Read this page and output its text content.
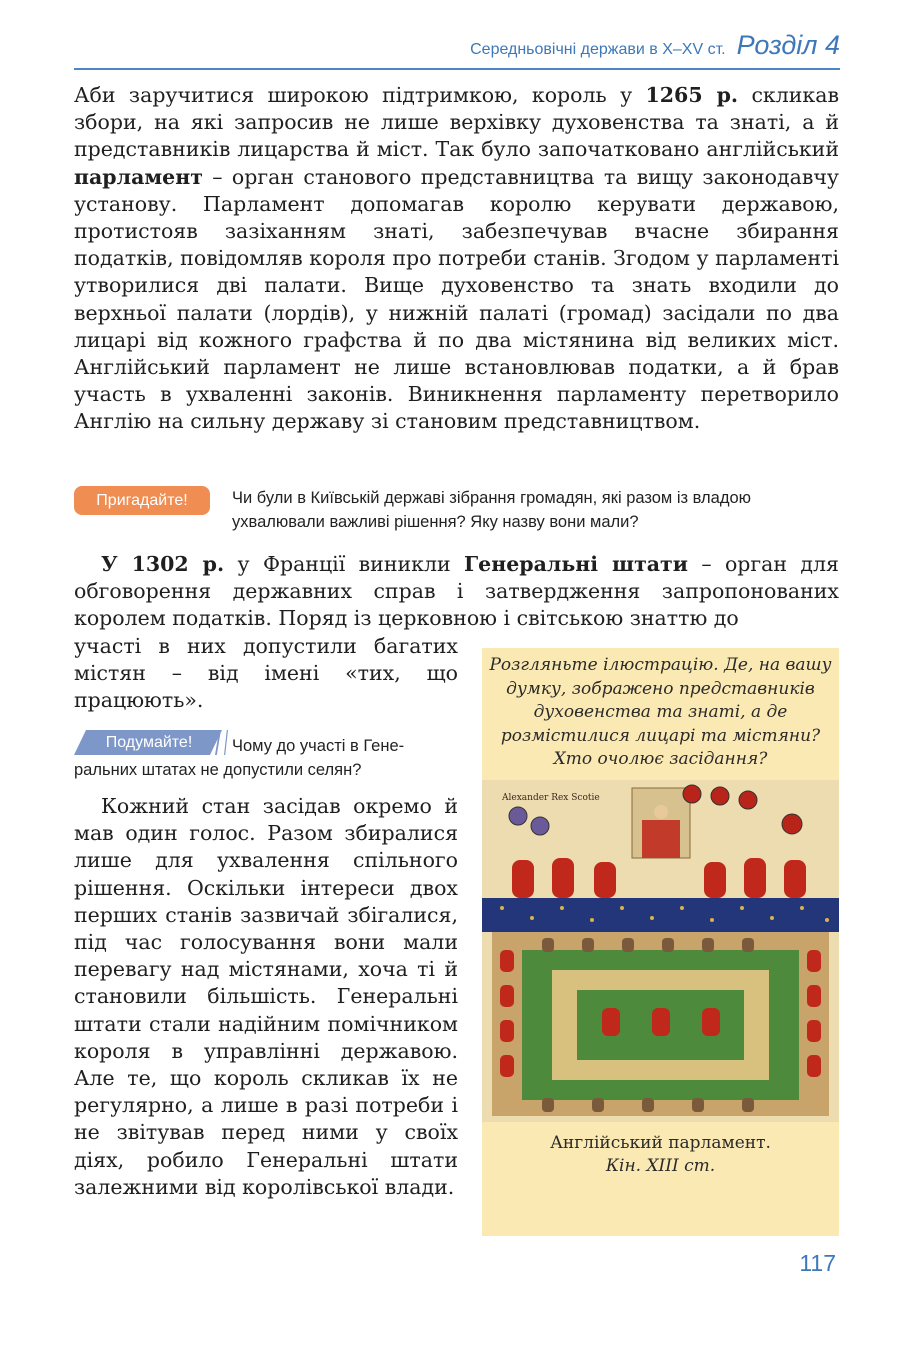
Середньовічні держави в Х–ХV ст. Розділ 4

Аби заручитися широкою підтримкою, король у 1265 р. скликав збори, на які запросив не лише верхівку духовенства та знаті, а й представників лицарства й міст. Так було започатковано англійський парламент – орган станового представництва та вищу законодавчу установу. Парламент допомагав королю керувати державою, протистояв зазіханням знаті, забезпечував вчасне збирання податків, повідомляв короля про потреби станів. Згодом у парламенті утворилися дві палати. Вище духовенство та знать входили до верхньої палати (лордів), у нижній палаті (громад) засідали по два лицарі від кожного графства й по два містянина від великих міст. Англійський парламент не лише встановлював податки, а й брав участь в ухваленні законів. Виникнення парламенту перетворило Англію на сильну державу зі становим представництвом.

Пригадайте!	Чи були в Київській державі зібрання громадян, які разом із владою ухвалювали важливі рішення? Яку назву вони мали?

У 1302 р. у Франції виникли Генеральні штати – орган для обговорення державних справ і затвердження запропонованих королем податків. Поряд із церковною і світською знаттю до

участі в них допустили багатих містян – від імені «тих, що працюють».

Подумайте!	Чому до участі в Гене-

ральних штатах не допустили селян?

Кожний стан засідав окремо й мав один голос. Разом збиралися лише для ухвалення спільного рішення. Оскільки інтереси двох перших станів зазвичай збігалися, під час голосування вони мали перевагу над містянами, хоча ті й становили більшість. Генеральні штати стали надійним помічником короля в управлінні державою. Але те, що король скликав їх не регулярно, а лише в разі потреби і не звітував перед ними у своїх діях, робило Генеральні штати залежними від королівської влади.

Розгляньте ілюстрацію. Де, на вашу думку, зображено представників духовенства та знаті, а де розмістилися лицарі та містяни? Хто очолює засідання?

Alexander Rex Scotie

Англійський парламент.
Кін. ХІІІ ст.

117
